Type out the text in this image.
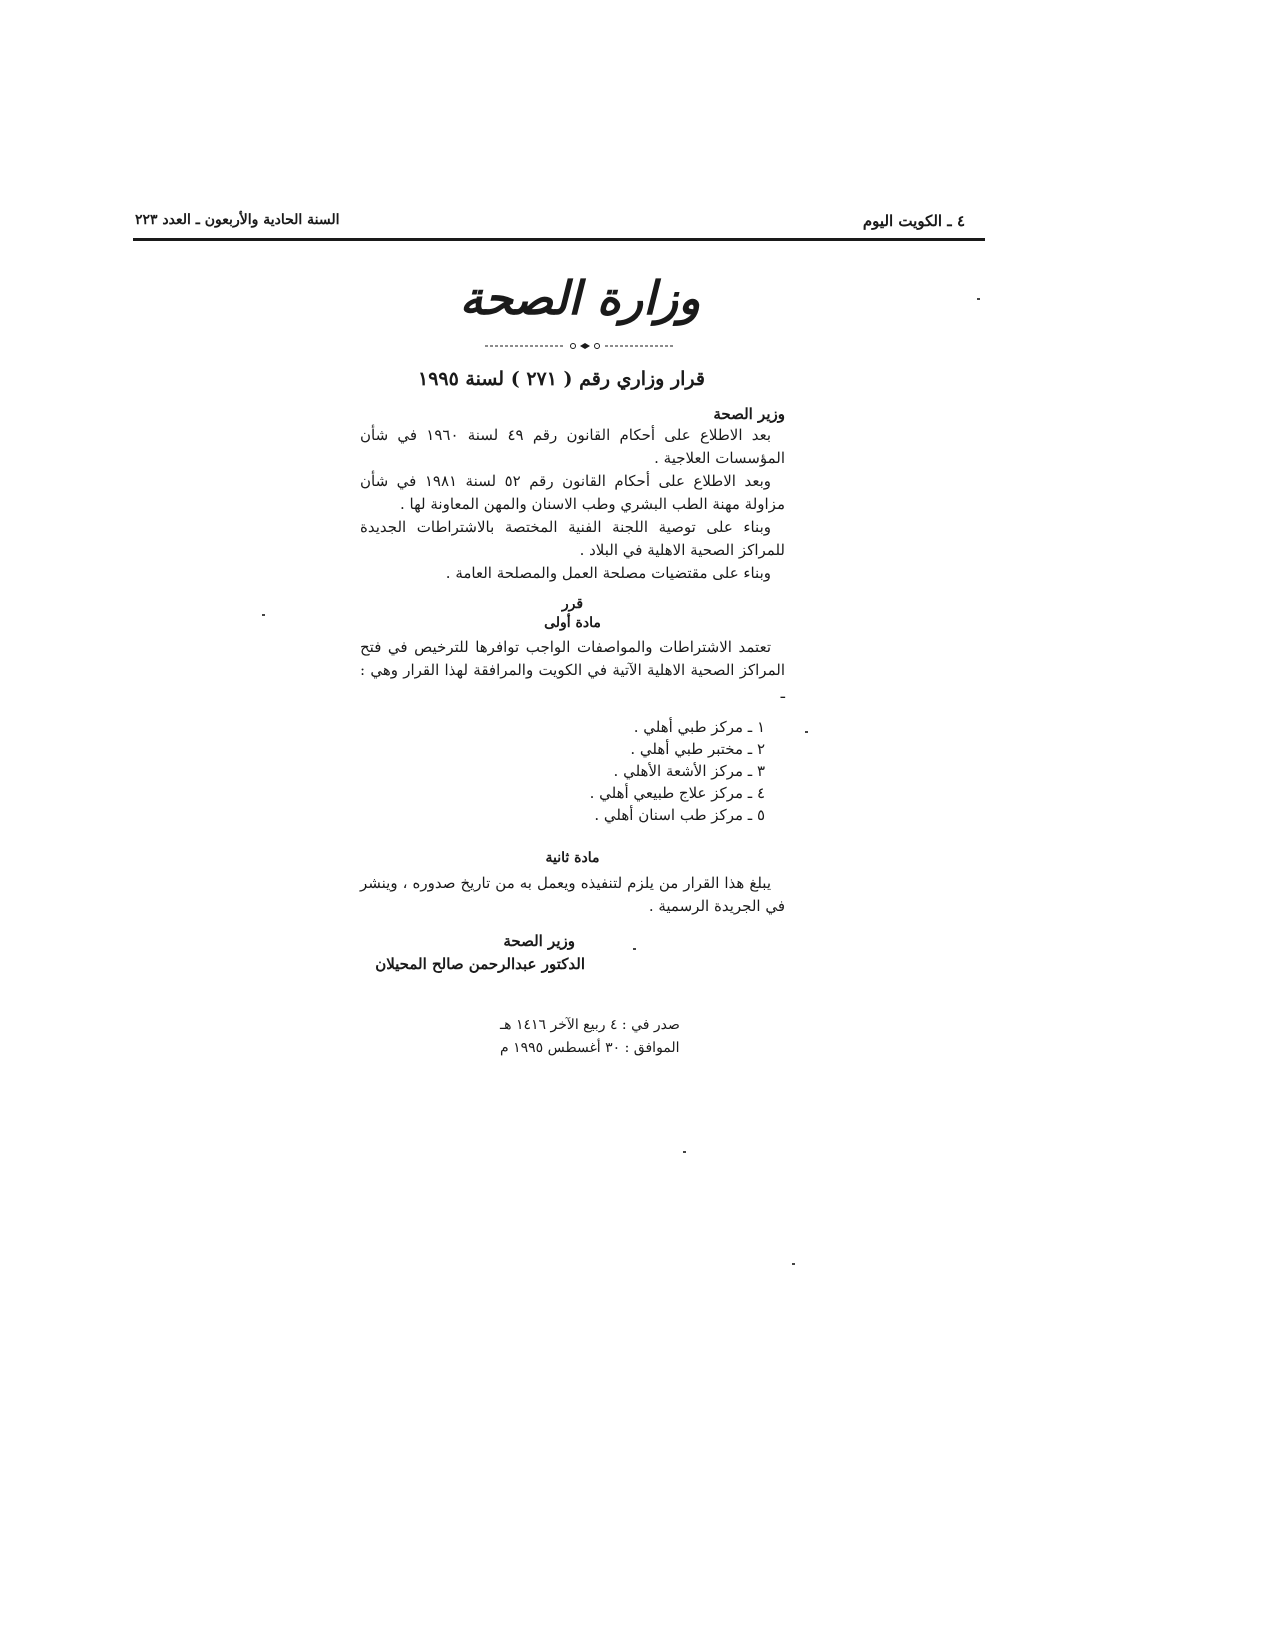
٤ ـ الكويت اليوم
السنة الحادية والأربعون ـ العدد ٢٢٣
وزارة الصحة
قرار وزاري رقم ( ٢٧١ ) لسنة ١٩٩٥
وزير الصحة
بعد الاطلاع على أحكام القانون رقم ٤٩ لسنة ١٩٦٠ في شأن المؤسسات العلاجية .
وبعد الاطلاع على أحكام القانون رقم ٥٢ لسنة ١٩٨١ في شأن مزاولة مهنة الطب البشري وطب الاسنان والمهن المعاونة لها .
وبناء على توصية اللجنة الفنية المختصة بالاشتراطات الجديدة للمراكز الصحية الاهلية في البلاد .
وبناء على مقتضيات مصلحة العمل والمصلحة العامة .
قرر
مادة أولى
تعتمد الاشتراطات والمواصفات الواجب توافرها للترخيص في فتح المراكز الصحية الاهلية الآتية في الكويت والمرافقة لهذا القرار وهي : ـ
١ ـ مركز طبي أهلي .
٢ ـ مختبر طبي أهلي .
٣ ـ مركز الأشعة الأهلي .
٤ ـ مركز علاج طبيعي أهلي .
٥ ـ مركز طب اسنان أهلي .
مادة ثانية
يبلغ هذا القرار من يلزم لتنفيذه ويعمل به من تاريخ صدوره ، وينشر في الجريدة الرسمية .
وزير الصحة
الدكتور عبدالرحمن صالح المحيلان
صدر في : ٤ ربيع الآخر ١٤١٦ هـ
الموافق : ٣٠ أغسطس ١٩٩٥ م
